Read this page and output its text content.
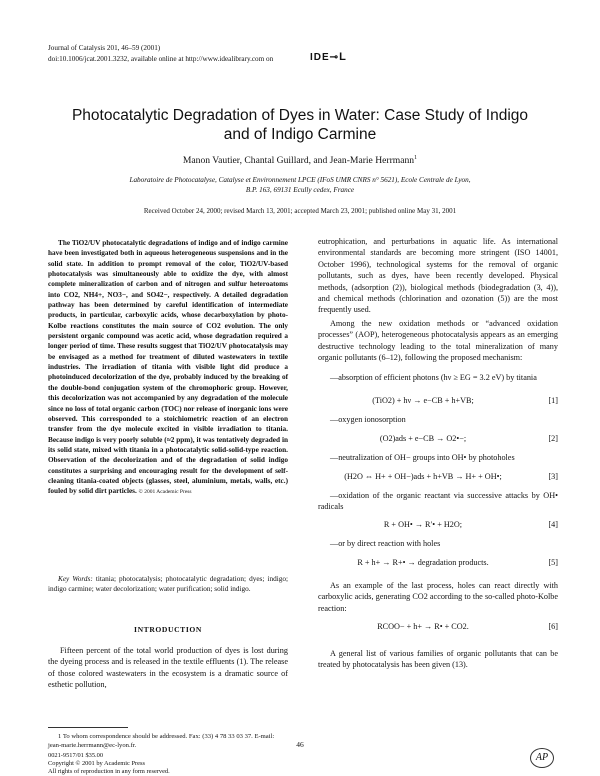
Journal of Catalysis 201, 46–59 (2001)
doi:10.1006/jcat.2001.3232, available online at http://www.idealibrary.com on	IDE⊸L
Photocatalytic Degradation of Dyes in Water: Case Study of Indigo and of Indigo Carmine
Manon Vautier, Chantal Guillard, and Jean-Marie Herrmann$^1$
Laboratoire de Photocatalyse, Catalyse et Environnement LPCE (IFoS UMR CNRS n° 5621), Ecole Centrale de Lyon,
B.P. 163, 69131 Ecully cedex, France
Received October 24, 2000; revised March 13, 2001; accepted March 23, 2001; published online May 31, 2001

The TiO2/UV photocatalytic degradations of indigo and of indigo carmine have been investigated both in aqueous heterogeneous suspensions and in the solid state. In addition to prompt removal of the color, TiO2/UV-based photocatalysis was simultaneously able to oxidize the dye, with almost complete mineralization of carbon and of nitrogen and sulfur heteroatoms into CO2, NH4+, NO3−, and SO42−, respectively. A detailed degradation pathway has been determined by careful identification of intermediate products, in particular, carboxylic acids, whose decarboxylation by photo-Kolbe reactions constitutes the main source of CO2 evolution. The only persistent organic compound was acetic acid, whose degradation required a longer period of time. These results suggest that TiO2/UV photocatalysis may be envisaged as a method for treatment of diluted wastewaters in textile industries. The irradiation of titania with visible light did produce a photoinduced decolorization of the dye, probably induced by the breaking of the double-bond conjugation system of the chromophoric group. However, this decolorization was not accompanied by any degradation of the molecule since no loss of total organic carbon (TOC) nor release of inorganic ions were observed. This corresponded to a stoichiometric reaction of an electron transfer from the dye molecule excited in visible irradiation to titania. Because indigo is very poorly soluble (≈2 ppm), it was tentatively degraded in its solid state, mixed with titania in a photocatalytic solid-solid-type reaction. Observation of the decolorization and of the degradation of solid indigo constitutes a surprising and encouraging result for the development of self-cleaning titania-coated objects (glasses, steel, aluminium, metals, walls, etc.) fouled by solid dirt particles. © 2001 Academic Press

Key Words: titania; photocatalysis; photocatalytic degradation; dyes; indigo; indigo carmine; water decolorization; water purification; solid indigo.

INTRODUCTION

Fifteen percent of the total world production of dyes is lost during the dyeing process and is released in the textile effluents (1). The release of those colored wastewaters in the ecosystem is a dramatic source of esthetic pollution,

1 To whom correspondence should be addressed. Fax: (33) 4 78 33 03 37. E-mail: jean-marie.herrmann@ec-lyon.fr.

eutrophication, and perturbations in aquatic life. As international environmental standards are becoming more stringent (ISO 14001, October 1996), technological systems for the removal of organic pollutants, such as dyes, have been recently developed. Physical methods, (adsorption (2)), biological methods (biodegradation (3, 4)), and chemical methods (chlorination and ozonation (5)) are the most frequently used.

Among the new oxidation methods or “advanced oxidation processes” (AOP), heterogeneous photocatalysis appears as an emerging destructive technology leading to the total mineralization of many organic pollutants (6–12), following the proposed mechanism:

—absorption of efficient photons (hν ≥ EG = 3.2 eV) by titania

(TiO2) + hν → e−CB + h+VB;	[1]

—oxygen ionosorption

(O2)ads + e−CB → O2•−;	[2]

—neutralization of OH− groups into OH• by photoholes

(H2O ⇔ H+ + OH−)ads + h+VB → H+ + OH•;	[3]

—oxidation of the organic reactant via successive attacks by OH• radicals

R + OH• → R′• + H2O;	[4]

—or by direct reaction with holes

R + h+ → R+• → degradation products.	[5]

As an example of the last process, holes can react directly with carboxylic acids, generating CO2 according to the so-called photo-Kolbe reaction:

RCOO− + h+ → R• + CO2.	[6]

A general list of various families of organic pollutants that can be treated by photocatalysis has been given (13).

46
0021-9517/01 $35.00
Copyright © 2001 by Academic Press
All rights of reproduction in any form reserved.
AP
